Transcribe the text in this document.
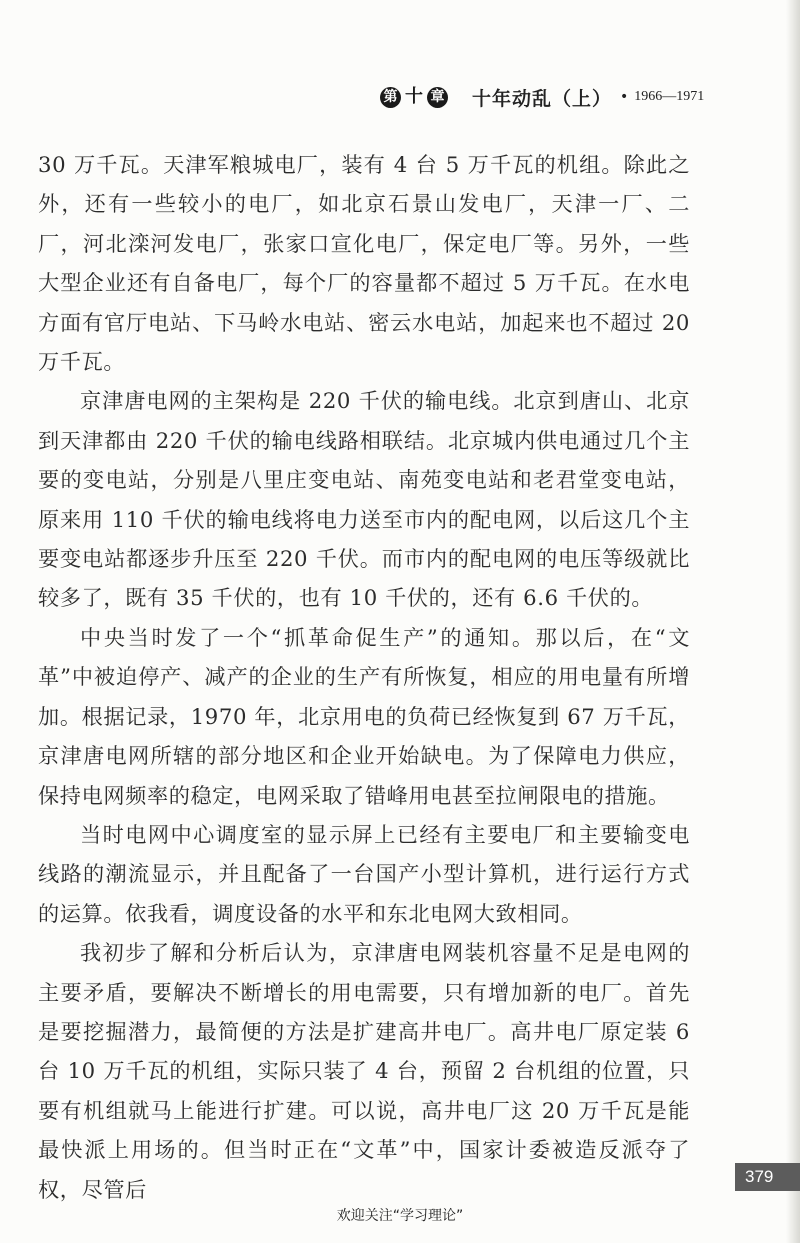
第 十 章 十年动乱（上） • 1966—1971

30 万千瓦。天津军粮城电厂，装有 4 台 5 万千瓦的机组。除此之外，还有一些较小的电厂，如北京石景山发电厂，天津一厂、二厂，河北滦河发电厂，张家口宣化电厂，保定电厂等。另外，一些大型企业还有自备电厂，每个厂的容量都不超过 5 万千瓦。在水电方面有官厅电站、下马岭水电站、密云水电站，加起来也不超过 20 万千瓦。

京津唐电网的主架构是 220 千伏的输电线。北京到唐山、北京到天津都由 220 千伏的输电线路相联结。北京城内供电通过几个主要的变电站，分别是八里庄变电站、南苑变电站和老君堂变电站，原来用 110 千伏的输电线将电力送至市内的配电网，以后这几个主要变电站都逐步升压至 220 千伏。而市内的配电网的电压等级就比较多了，既有 35 千伏的，也有 10 千伏的，还有 6.6 千伏的。

中央当时发了一个“抓革命促生产”的通知。那以后，在“文革”中被迫停产、减产的企业的生产有所恢复，相应的用电量有所增加。根据记录，1970 年，北京用电的负荷已经恢复到 67 万千瓦，京津唐电网所辖的部分地区和企业开始缺电。为了保障电力供应，保持电网频率的稳定，电网采取了错峰用电甚至拉闸限电的措施。

当时电网中心调度室的显示屏上已经有主要电厂和主要输变电线路的潮流显示，并且配备了一台国产小型计算机，进行运行方式的运算。依我看，调度设备的水平和东北电网大致相同。

我初步了解和分析后认为，京津唐电网装机容量不足是电网的主要矛盾，要解决不断增长的用电需要，只有增加新的电厂。首先是要挖掘潜力，最简便的方法是扩建高井电厂。高井电厂原定装 6 台 10 万千瓦的机组，实际只装了 4 台，预留 2 台机组的位置，只要有机组就马上能进行扩建。可以说，高井电厂这 20 万千瓦是能最快派上用场的。但当时正在“文革”中，国家计委被造反派夺了权，尽管后

379
欢迎关注“学习理论”
